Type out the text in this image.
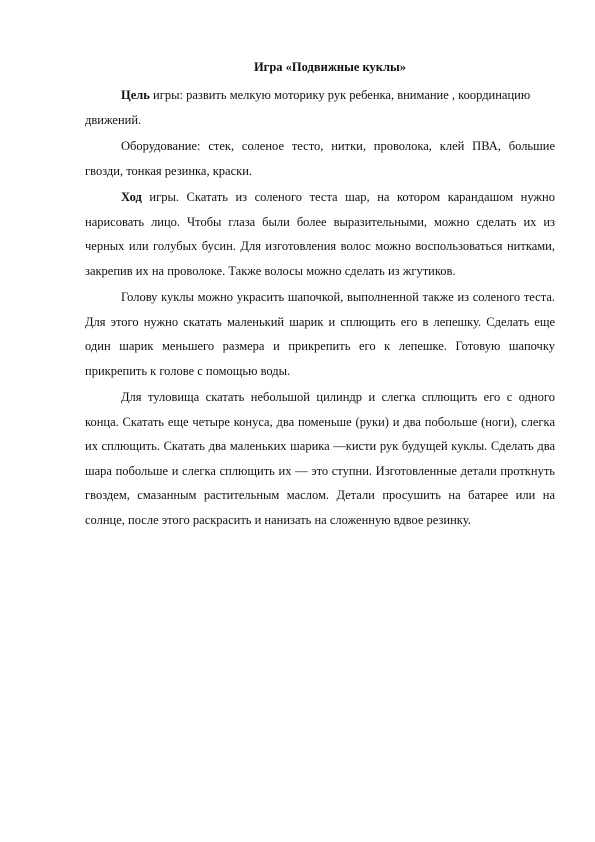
Игра «Подвижные куклы»

Цель игры: развить мелкую моторику рук ребенка, внимание , координацию движений.

Оборудование: стек, соленое тесто, нитки, проволока, клей ПВА, большие гвозди, тонкая резинка, краски.

Ход игры. Скатать из соленого теста шар, на котором карандашом нужно нарисовать лицо. Чтобы глаза были более выразительными, можно сделать их из черных или голубых бусин. Для изготовления волос можно воспользоваться нитками, закрепив их на проволоке. Также волосы можно сделать из жгутиков.

Голову куклы можно украсить шапочкой, выполненной также из соленого теста. Для этого нужно скатать маленький шарик и сплющить его в лепешку. Сделать еще один шарик меньшего размера и прикрепить его к лепешке. Готовую шапочку прикрепить к голове с помощью воды.

Для туловища скатать небольшой цилиндр и слегка сплющить его с одного конца. Скатать еще четыре конуса, два поменьше (руки) и два побольше (ноги), слегка их сплющить. Скатать два маленьких шарика —кисти рук будущей куклы. Сделать два шара побольше и слегка сплющить их — это ступни. Изготовленные детали проткнуть гвоздем, смазанным растительным маслом. Детали просушить на батарее или на солнце, после этого раскрасить и нанизать на сложенную вдвое резинку.
